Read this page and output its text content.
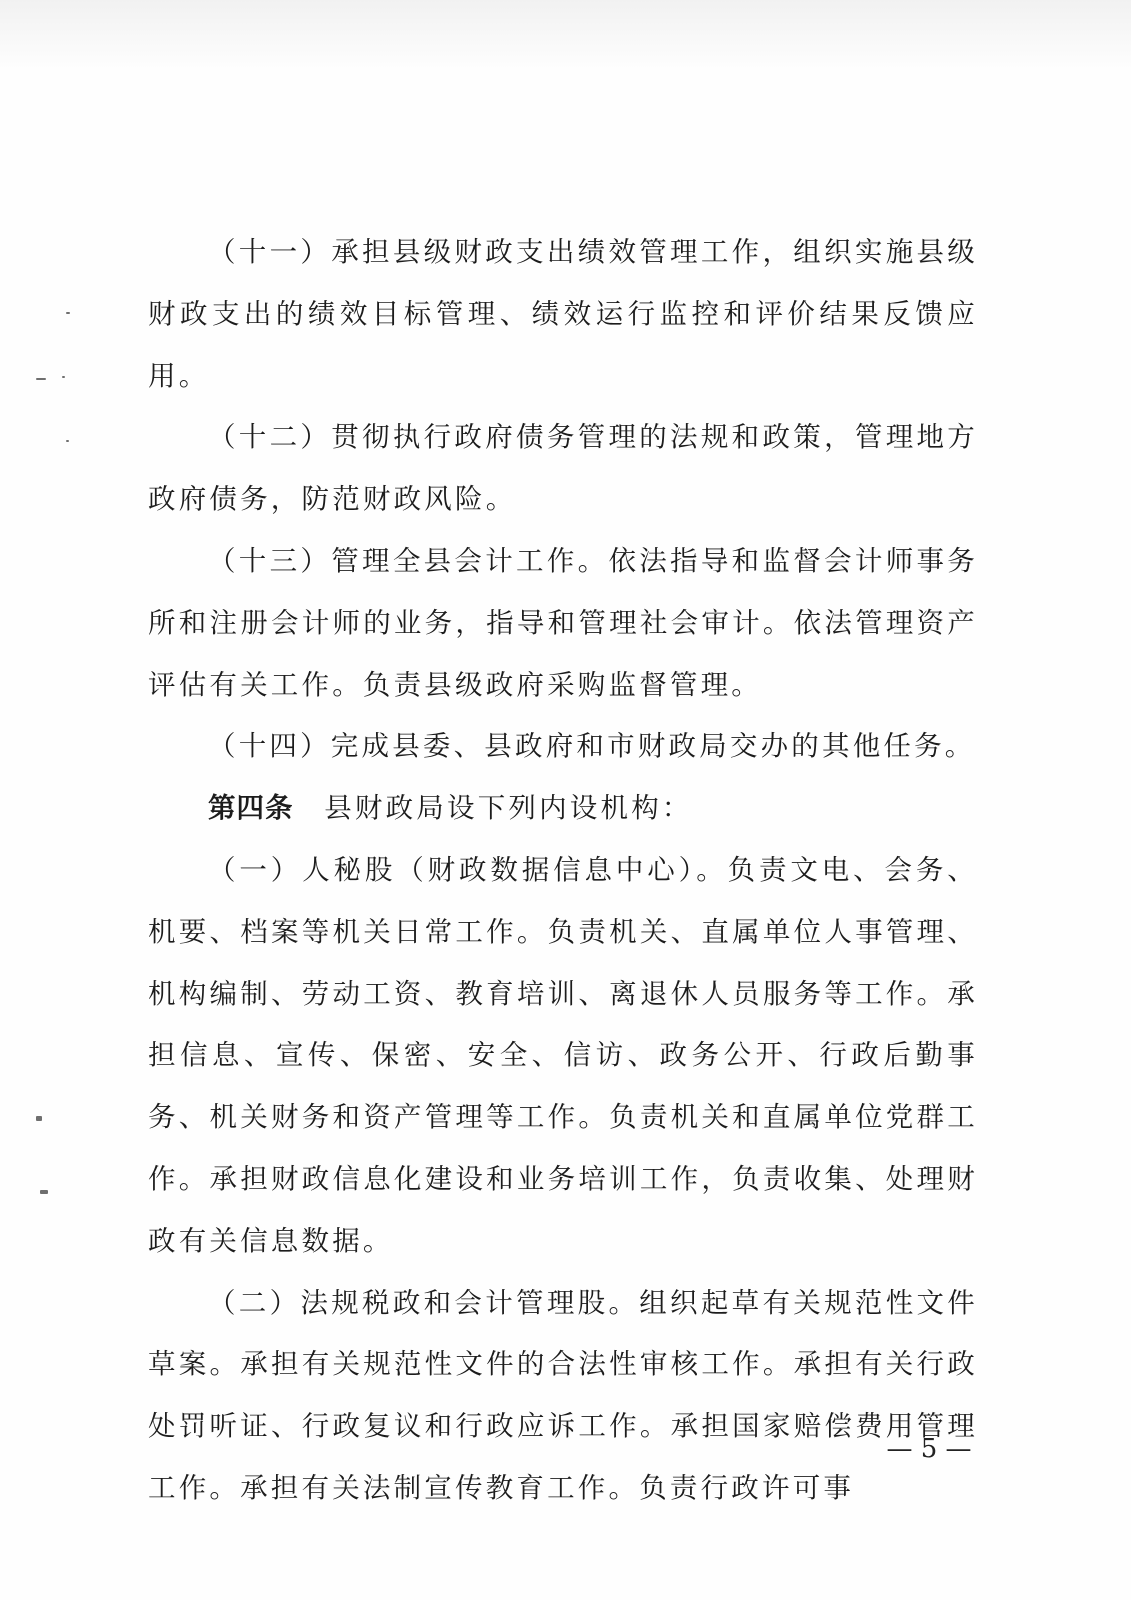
（十一）承担县级财政支出绩效管理工作，组织实施县级财政支出的绩效目标管理、绩效运行监控和评价结果反馈应用。

（十二）贯彻执行政府债务管理的法规和政策，管理地方政府债务，防范财政风险。

（十三）管理全县会计工作。依法指导和监督会计师事务所和注册会计师的业务，指导和管理社会审计。依法管理资产评估有关工作。负责县级政府采购监督管理。

（十四）完成县委、县政府和市财政局交办的其他任务。

第四条　 县财政局设下列内设机构：

（一）人秘股（财政数据信息中心）。负责文电、会务、机要、档案等机关日常工作。负责机关、直属单位人事管理、机构编制、劳动工资、教育培训、离退休人员服务等工作。承担信息、宣传、保密、安全、信访、政务公开、行政后勤事务、机关财务和资产管理等工作。负责机关和直属单位党群工作。承担财政信息化建设和业务培训工作，负责收集、处理财政有关信息数据。

（二）法规税政和会计管理股。组织起草有关规范性文件草案。承担有关规范性文件的合法性审核工作。承担有关行政处罚听证、行政复议和行政应诉工作。承担国家赔偿费用管理工作。承担有关法制宣传教育工作。负责行政许可事

— 5 —
